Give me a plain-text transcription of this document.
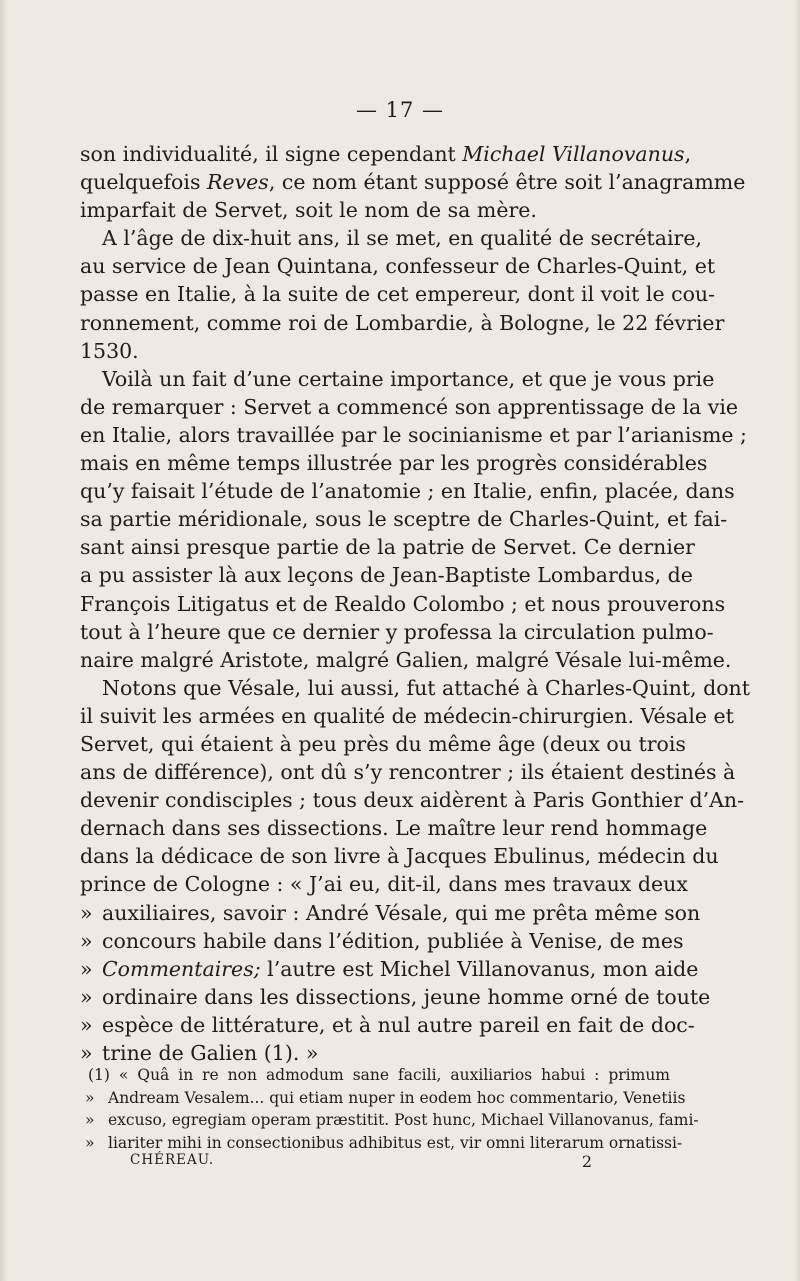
— 17 —
son individualité, il signe cependant Michael Villanovanus,
quelquefois Reves, ce nom étant supposé être soit l’anagramme
imparfait de Servet, soit le nom de sa mère.
A l’âge de dix-huit ans, il se met, en qualité de secrétaire,
au service de Jean Quintana, confesseur de Charles-Quint, et
passe en Italie, à la suite de cet empereur, dont il voit le cou-
ronnement, comme roi de Lombardie, à Bologne, le 22 février
1530.
Voilà un fait d’une certaine importance, et que je vous prie
de remarquer : Servet a commencé son apprentissage de la vie
en Italie, alors travaillée par le socinianisme et par l’arianisme ;
mais en même temps illustrée par les progrès considérables
qu’y faisait l’étude de l’anatomie ; en Italie, enfin, placée, dans
sa partie méridionale, sous le sceptre de Charles-Quint, et fai-
sant ainsi presque partie de la patrie de Servet. Ce dernier
a pu assister là aux leçons de Jean-Baptiste Lombardus, de
François Litigatus et de Realdo Colombo ; et nous prouverons
tout à l’heure que ce dernier y professa la circulation pulmo-
naire malgré Aristote, malgré Galien, malgré Vésale lui-même.
Notons que Vésale, lui aussi, fut attaché à Charles-Quint, dont
il suivit les armées en qualité de médecin-chirurgien. Vésale et
Servet, qui étaient à peu près du même âge (deux ou trois
ans de différence), ont dû s’y rencontrer ; ils étaient destinés à
devenir condisciples ; tous deux aidèrent à Paris Gonthier d’An-
dernach dans ses dissections. Le maître leur rend hommage
dans la dédicace de son livre à Jacques Ebulinus, médecin du
prince de Cologne : « J’ai eu, dit-il, dans mes travaux deux
» auxiliaires, savoir : André Vésale, qui me prêta même son
» concours habile dans l’édition, publiée à Venise, de mes
» Commentaires; l’autre est Michel Villanovanus, mon aide
» ordinaire dans les dissections, jeune homme orné de toute
» espèce de littérature, et à nul autre pareil en fait de doc-
» trine de Galien (1). »
(1) « Quâ in re non admodum sane facili, auxiliarios habui : primum
» Andream Vesalem... qui etiam nuper in eodem hoc commentario, Venetiis
» excuso, egregiam operam præstitit. Post hunc, Michael Villanovanus, fami-
» liariter mihi in consectionibus adhibitus est, vir omni literarum ornatissi-
CHÉREAU.	2
